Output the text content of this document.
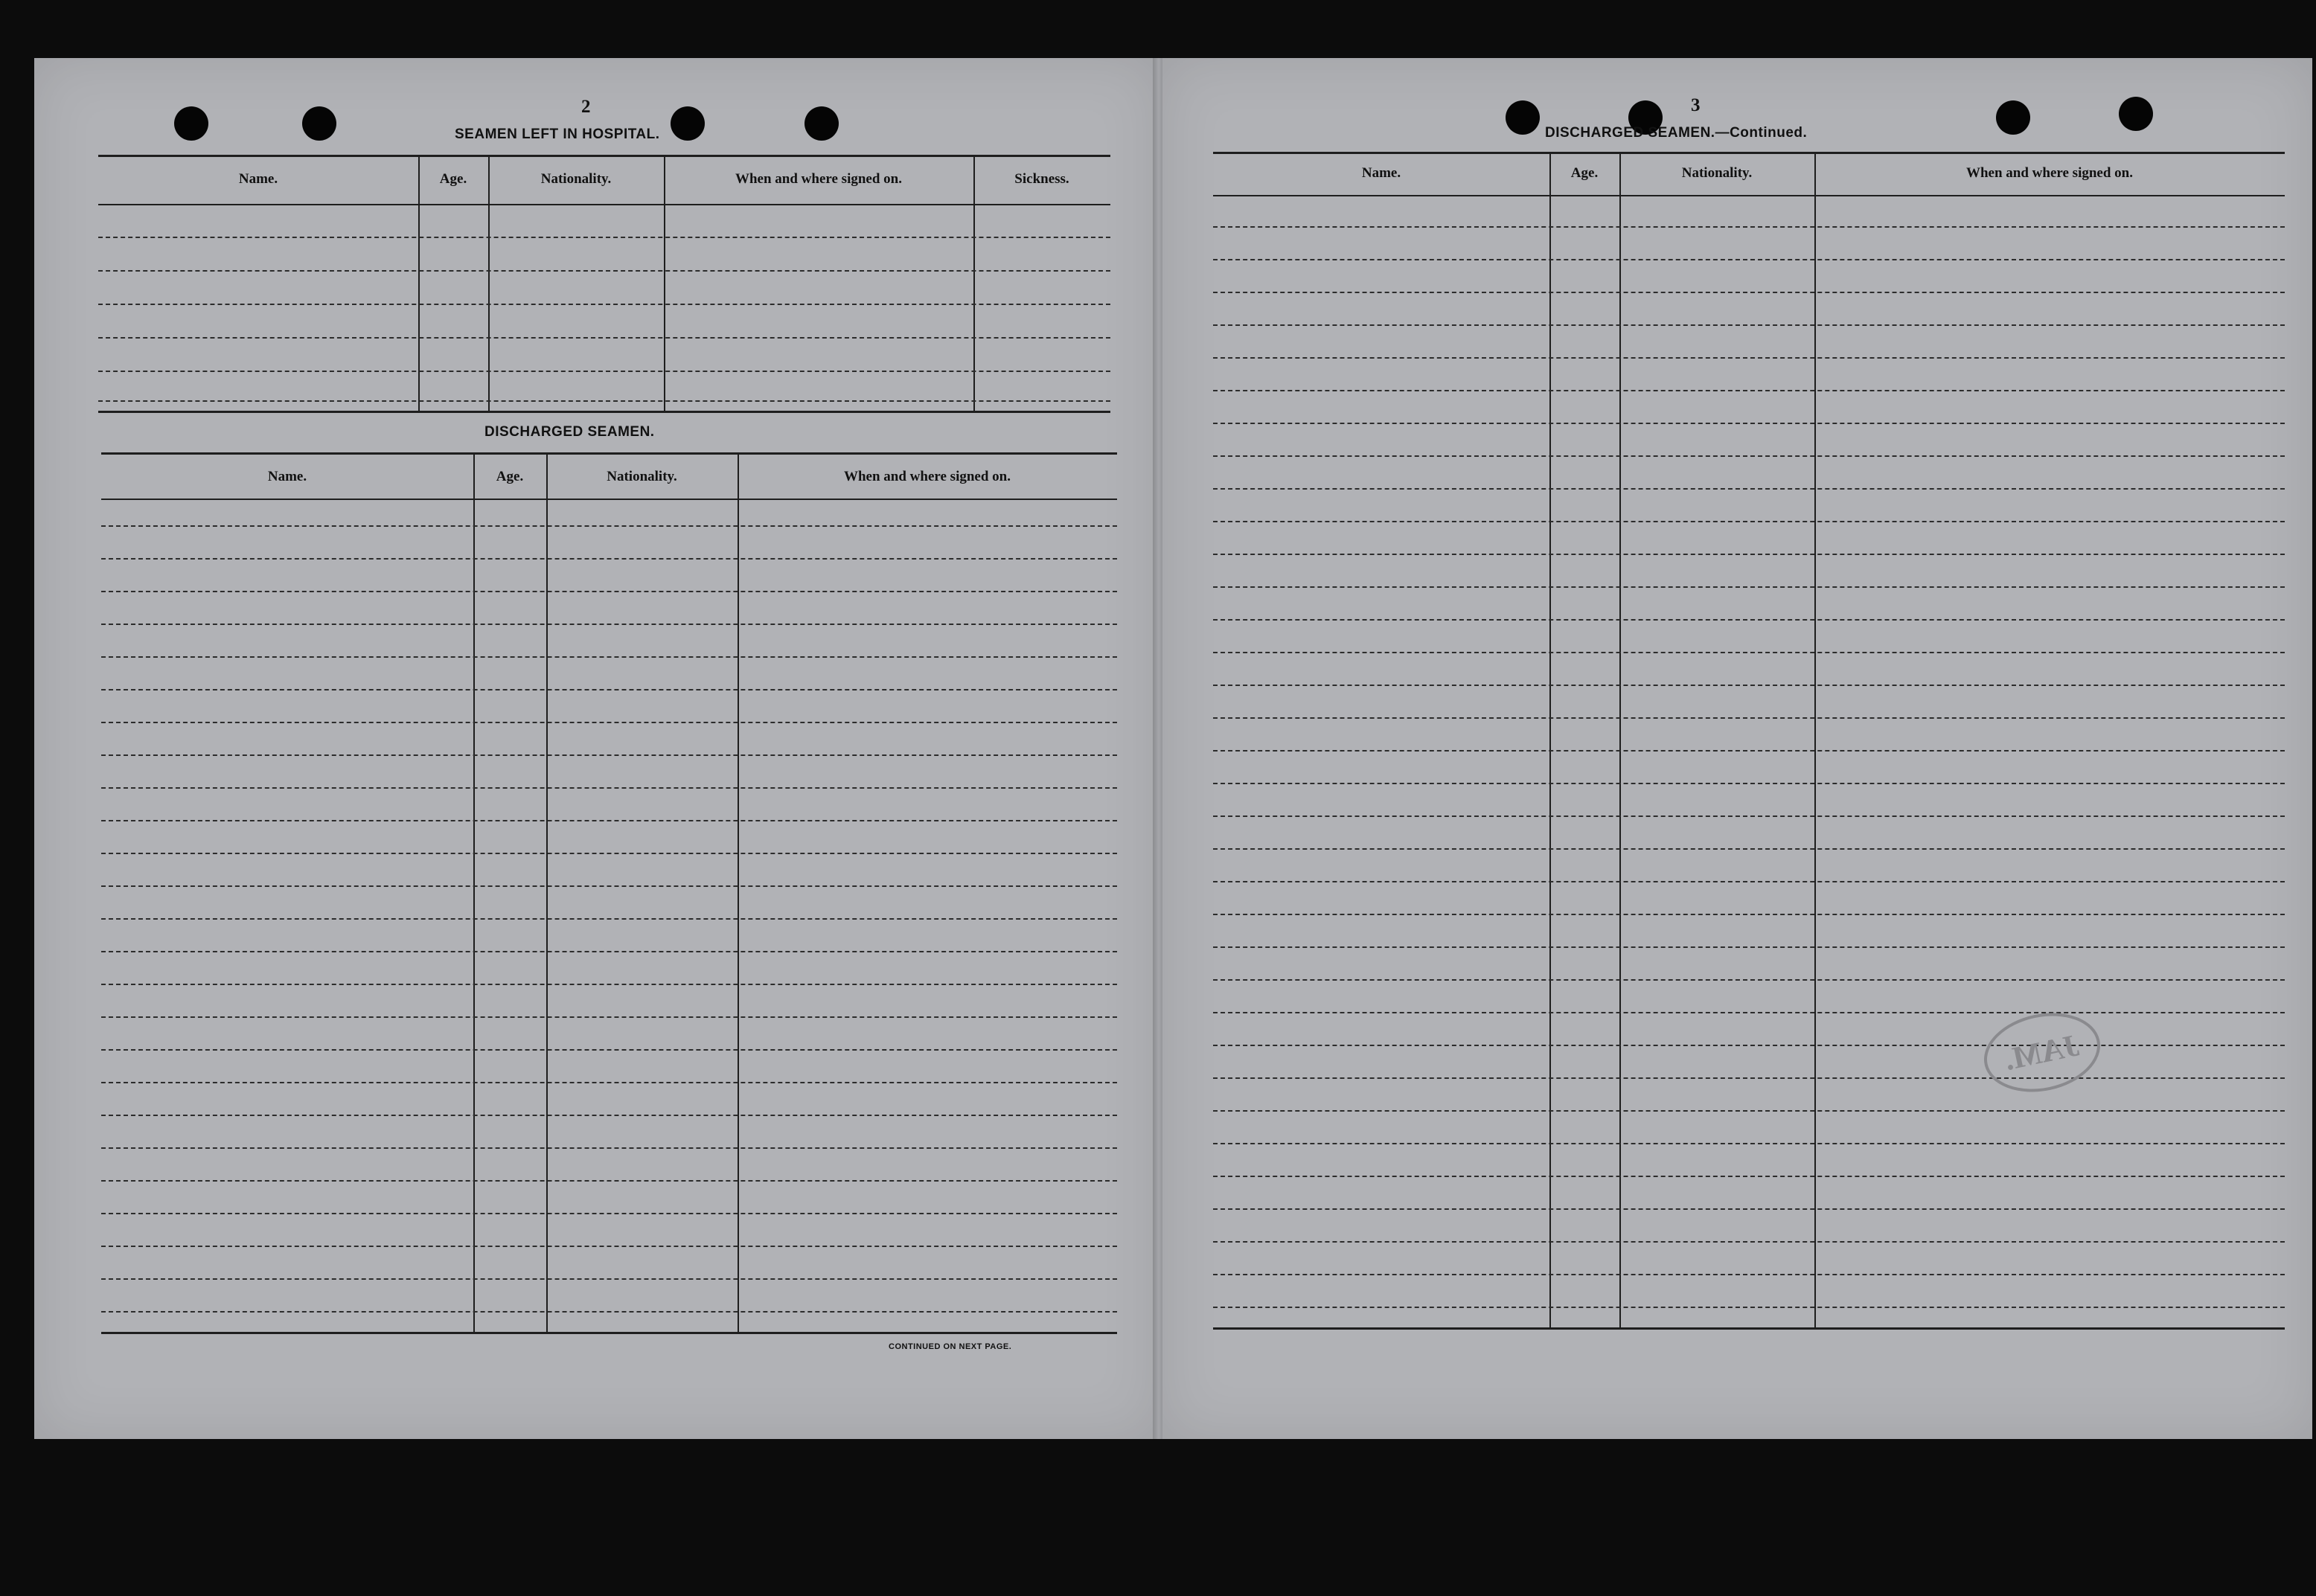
2
SEAMEN LEFT IN HOSPITAL.
Name.	Age.	Nationality.	When and where signed on.	Sickness.
DISCHARGED SEAMEN.
Name.	Age.	Nationality.	When and where signed on.
CONTINUED ON NEXT PAGE.
3
DISCHARGED SEAMEN.—Continued.
Name.	Age.	Nationality.	When and where signed on.
JAM.
